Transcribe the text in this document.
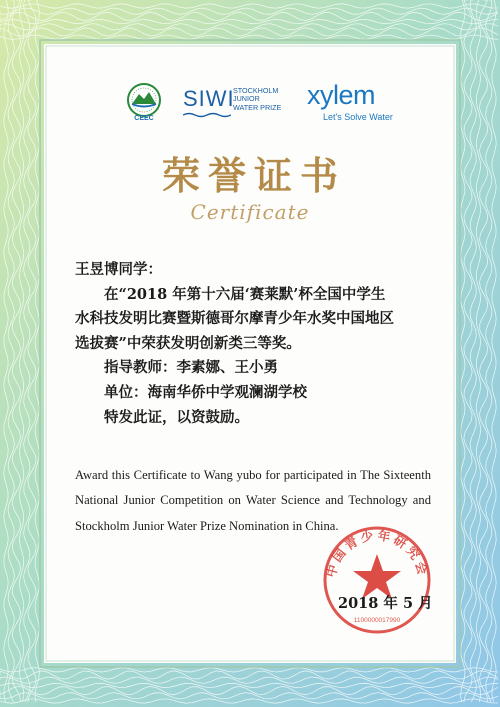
CEEC
SIWI
STOCKHOLM
JUNIOR
WATER PRIZE xylem
Let's Solve Water
荣誉证书
Certificate

王昱博同学：

在“2018 年第十六届‘赛莱默’杯全国中学生

水科技发明比赛暨斯德哥尔摩青少年水奖中国地区

选拔赛”中荣获发明创新类三等奖。

指导教师：李素娜、王小勇

单位：海南华侨中学观澜湖学校

特发此证，以资鼓励。

Award this Certificate to Wang yubo for participated in The Sixteenth National Junior Competition on Water Science and Technology and Stockholm Junior Water Prize Nomination in China.
中国青少年研究会
1100000017990
2018 年 5 月
